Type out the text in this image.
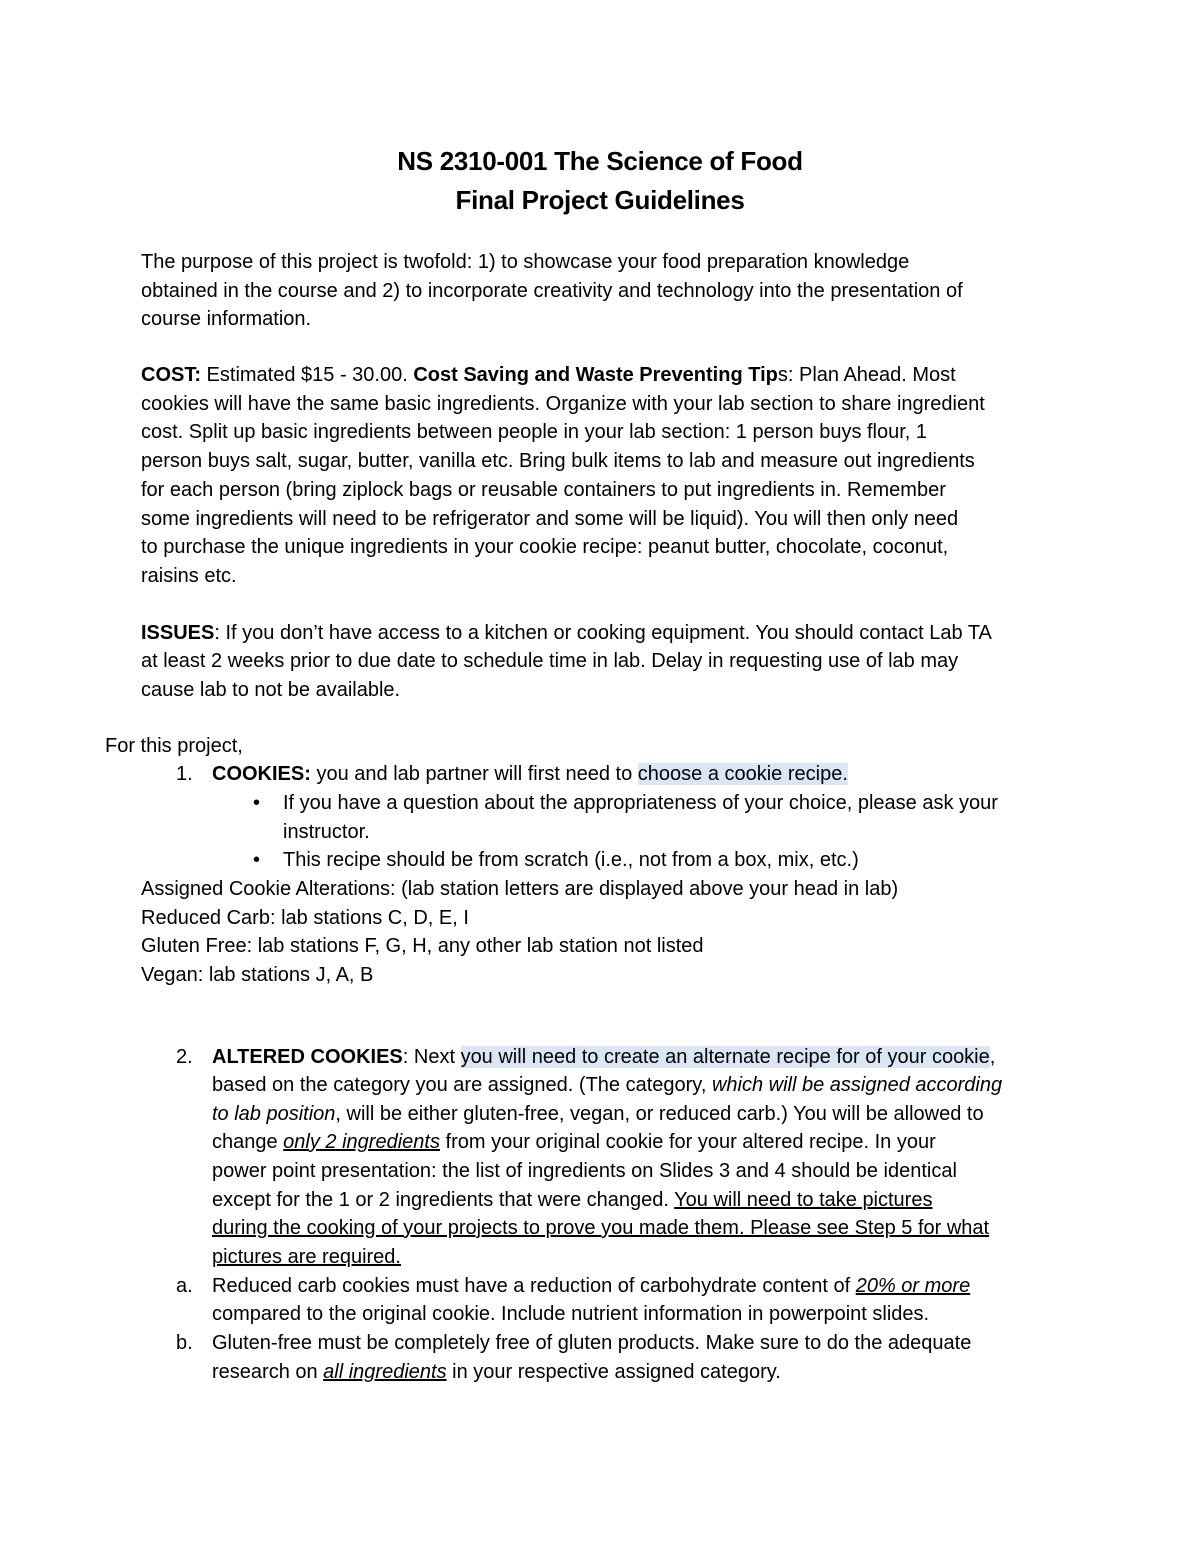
NS 2310-001 The Science of Food
Final Project Guidelines
The purpose of this project is twofold: 1) to showcase your food preparation knowledge
obtained in the course and 2) to incorporate creativity and technology into the presentation of
course information.
COST: Estimated $15 - 30.00. Cost Saving and Waste Preventing Tips: Plan Ahead. Most
cookies will have the same basic ingredients. Organize with your lab section to share ingredient
cost. Split up basic ingredients between people in your lab section: 1 person buys flour, 1
person buys salt, sugar, butter, vanilla etc. Bring bulk items to lab and measure out ingredients
for each person (bring ziplock bags or reusable containers to put ingredients in. Remember
some ingredients will need to be refrigerator and some will be liquid). You will then only need
to purchase the unique ingredients in your cookie recipe: peanut butter, chocolate, coconut,
raisins etc.
ISSUES: If you don’t have access to a kitchen or cooking equipment. You should contact Lab TA
at least 2 weeks prior to due date to schedule time in lab. Delay in requesting use of lab may
cause lab to not be available.
For this project,
1. COOKIES: you and lab partner will first need to choose a cookie recipe.
• If you have a question about the appropriateness of your choice, please ask your
instructor.
• This recipe should be from scratch (i.e., not from a box, mix, etc.)
Assigned Cookie Alterations: (lab station letters are displayed above your head in lab)
Reduced Carb: lab stations C, D, E, I
Gluten Free: lab stations F, G, H, any other lab station not listed
Vegan: lab stations J, A, B
2. ALTERED COOKIES: Next you will need to create an alternate recipe for of your cookie,
based on the category you are assigned. (The category, which will be assigned according
to lab position, will be either gluten-free, vegan, or reduced carb.) You will be allowed to
change only 2 ingredients from your original cookie for your altered recipe. In your
power point presentation: the list of ingredients on Slides 3 and 4 should be identical
except for the 1 or 2 ingredients that were changed. You will need to take pictures
during the cooking of your projects to prove you made them. Please see Step 5 for what
pictures are required.
a. Reduced carb cookies must have a reduction of carbohydrate content of 20% or more
compared to the original cookie. Include nutrient information in powerpoint slides.
b. Gluten-free must be completely free of gluten products. Make sure to do the adequate
research on all ingredients in your respective assigned category.
